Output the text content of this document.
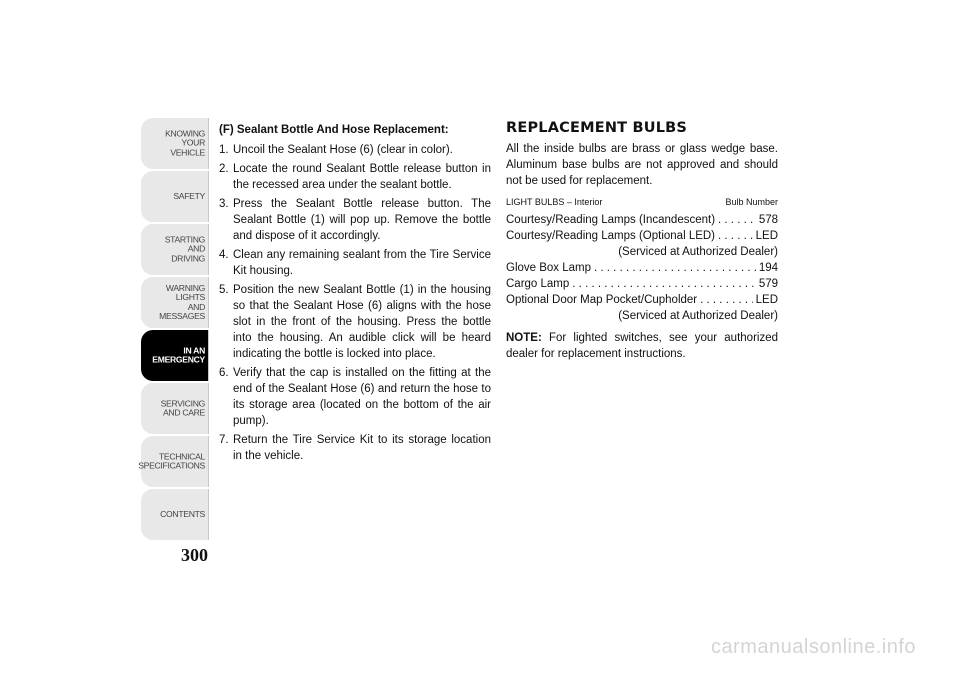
KNOWING
YOUR
VEHICLE
SAFETY
STARTING
AND
DRIVING
WARNING
LIGHTS
AND
MESSAGES
IN AN
EMERGENCY
SERVICING
AND CARE
TECHNICAL
SPECIFICATIONS
CONTENTS
300
(F) Sealant Bottle And Hose Replacement:
1. Uncoil the Sealant Hose (6) (clear in color).
2. Locate the round Sealant Bottle release button in the recessed area under the sealant bottle.
3. Press the Sealant Bottle release button. The Sealant Bottle (1) will pop up. Remove the bottle and dispose of it accordingly.
4. Clean any remaining sealant from the Tire Service Kit housing.
5. Position the new Sealant Bottle (1) in the housing so that the Sealant Hose (6) aligns with the hose slot in the front of the housing. Press the bottle into the housing. An audible click will be heard indicating the bottle is locked into place.
6. Verify that the cap is installed on the fitting at the end of the Sealant Hose (6) and return the hose to its storage area (located on the bottom of the air pump).
7. Return the Tire Service Kit to its storage location in the vehicle.
REPLACEMENT BULBS

All the inside bulbs are brass or glass wedge base. Aluminum base bulbs are not approved and should not be used for replacement.

LIGHT BULBS – Interior	Bulb Number
Courtesy/Reading Lamps (Incandescent) . . .	578
Courtesy/Reading Lamps (Optional LED) . . .	LED
(Serviced at Authorized Dealer)
Glove Box Lamp . . .	194
Cargo Lamp . . .	579
Optional Door Map Pocket/Cupholder . . .	LED
(Serviced at Authorized Dealer)

NOTE: For lighted switches, see your authorized dealer for replacement instructions.

carmanualsonline.info
